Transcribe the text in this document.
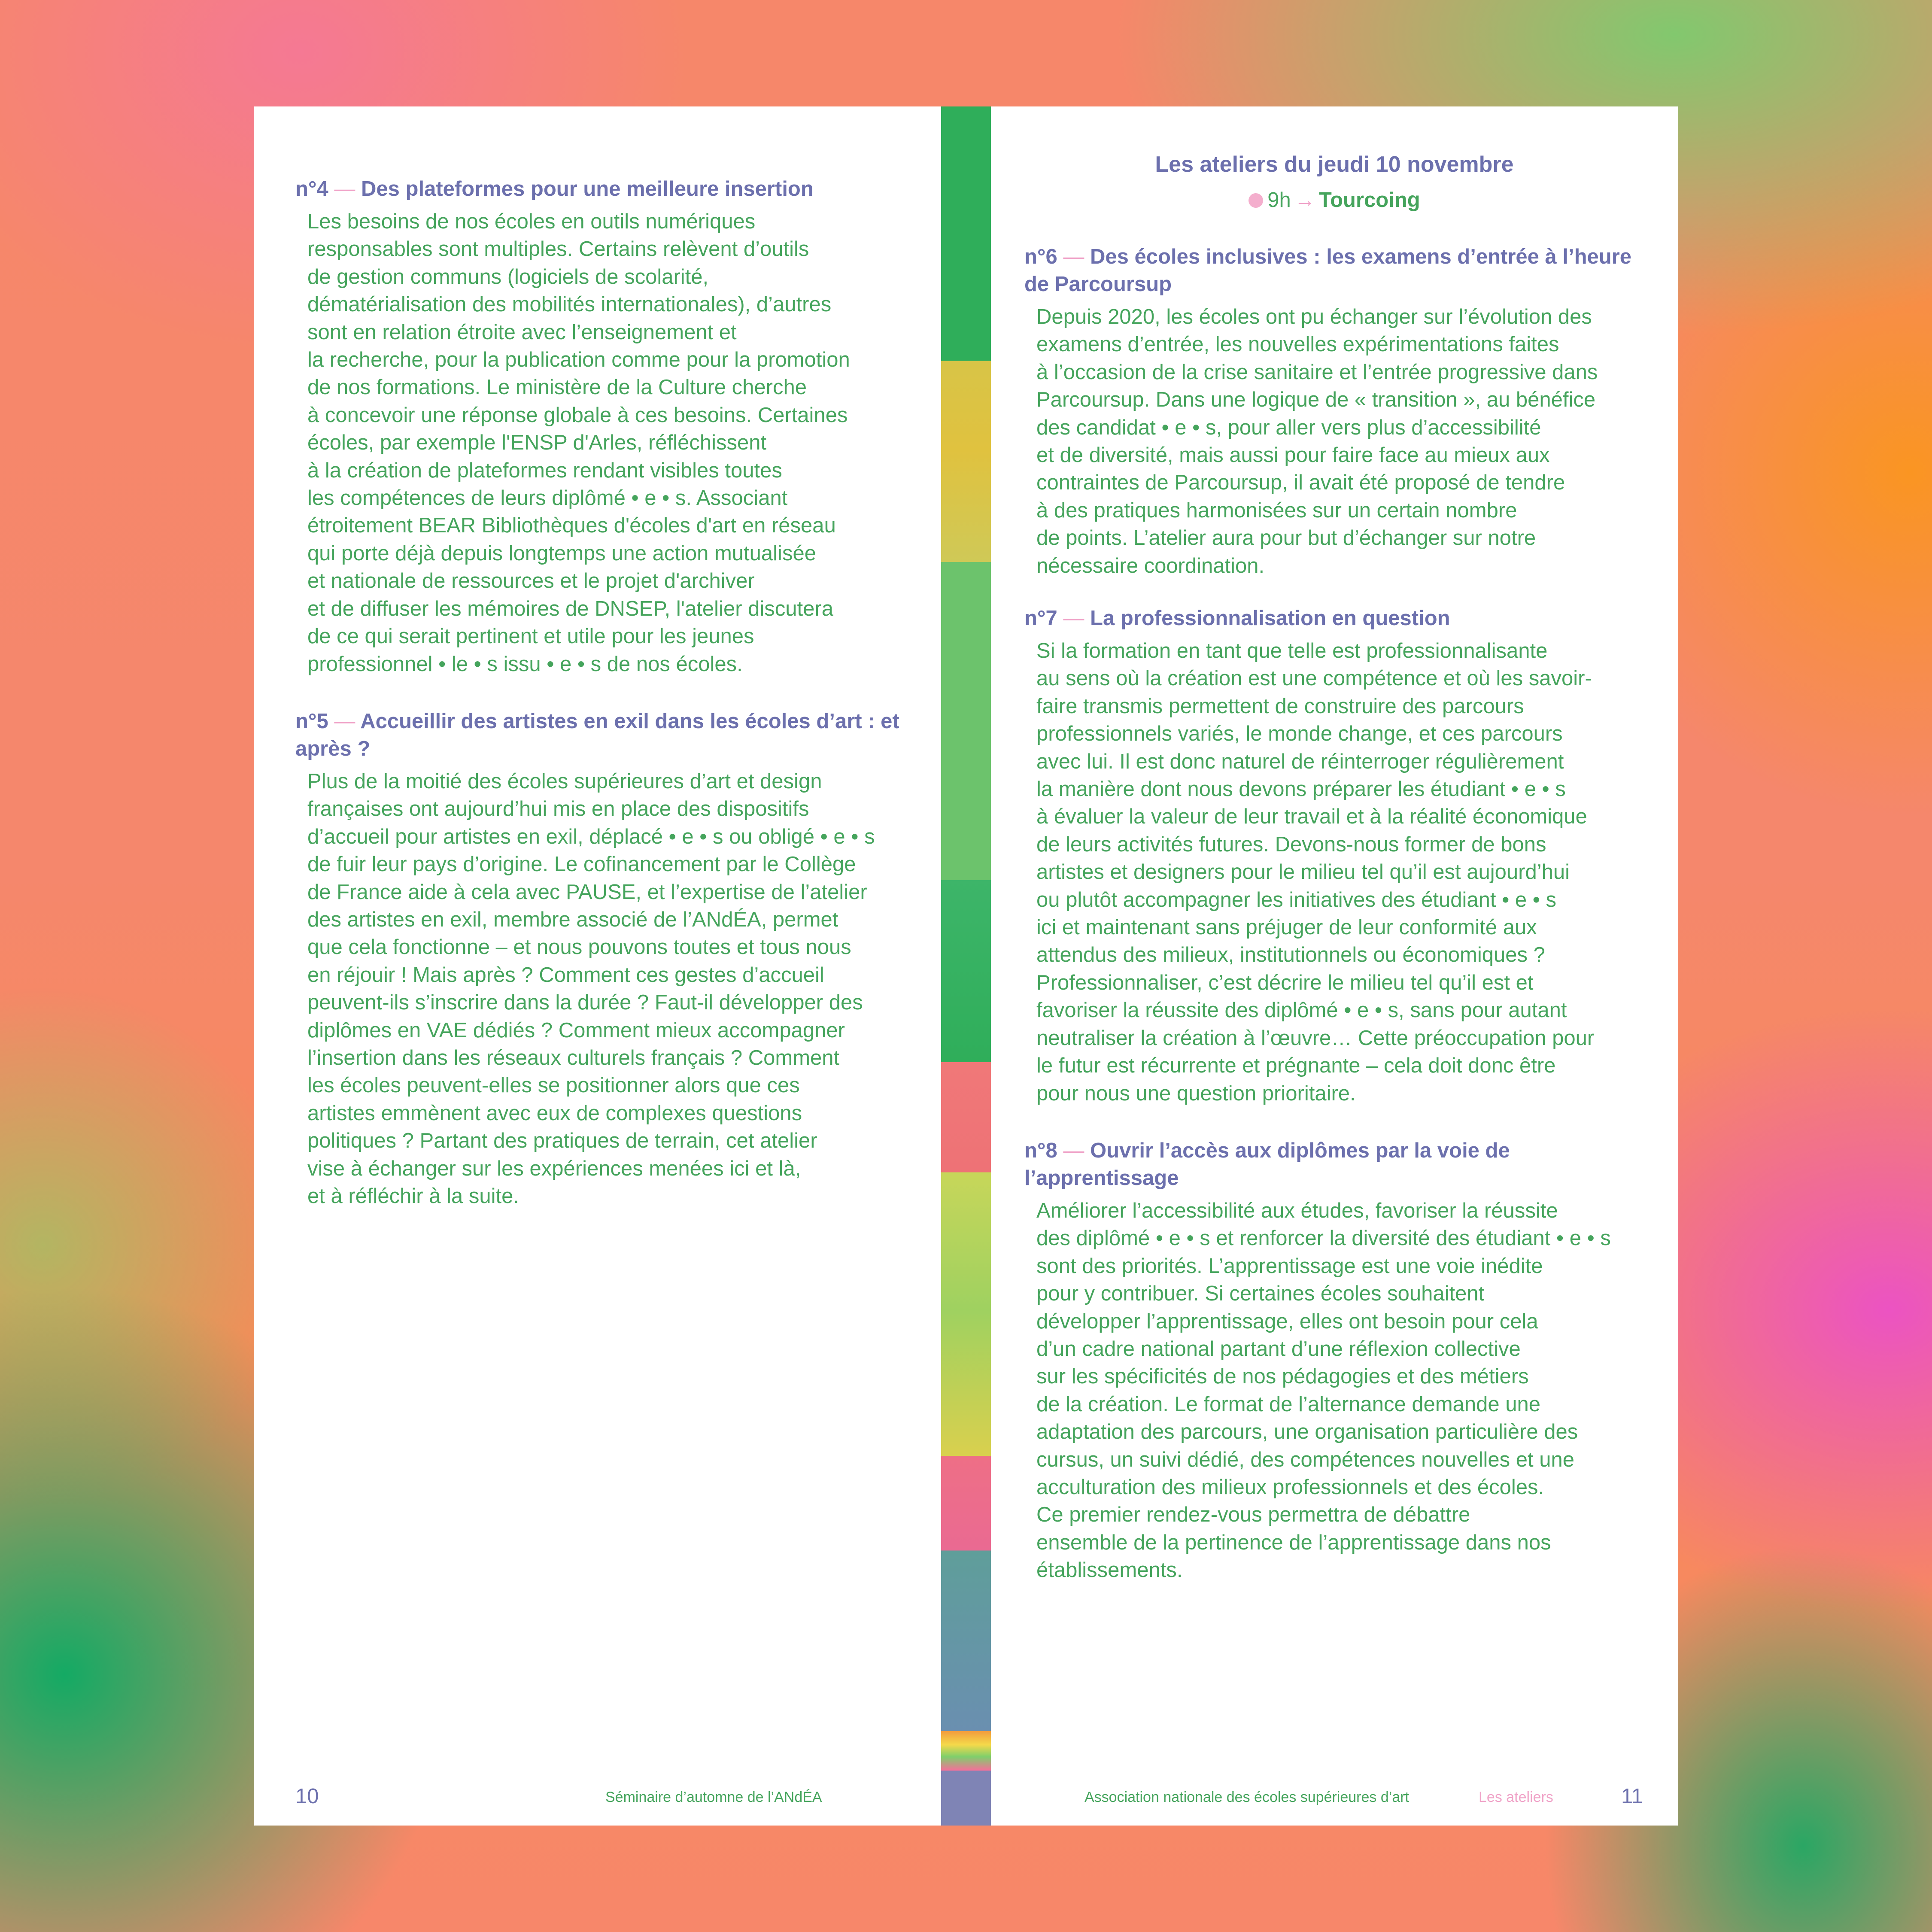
n°4 — Des plateformes pour une meilleure insertion

Les besoins de nos écoles en outils numériques
responsables sont multiples. Certains relèvent d’outils
de gestion communs (logiciels de scolarité,
dématérialisation des mobilités internationales), d’autres
sont en relation étroite avec l’enseignement et
la recherche, pour la publication comme pour la promotion
de nos formations. Le ministère de la Culture cherche
à concevoir une réponse globale à ces besoins. Certaines
écoles, par exemple l'ENSP d'Arles, réfléchissent
à la création de plateformes rendant visibles toutes
les compétences de leurs diplômé • e • s. Associant
étroitement BEAR Bibliothèques d'écoles d'art en réseau
qui porte déjà depuis longtemps une action mutualisée
et nationale de ressources et le projet d'archiver
et de diffuser les mémoires de DNSEP, l'atelier discutera
de ce qui serait pertinent et utile pour les jeunes
professionnel • le • s issu • e • s de nos écoles.

n°5 — Accueillir des artistes en exil dans les écoles d’art : et après ?

Plus de la moitié des écoles supérieures d’art et design
françaises ont aujourd’hui mis en place des dispositifs
d’accueil pour artistes en exil, déplacé • e • s ou obligé • e • s
de fuir leur pays d’origine. Le cofinancement par le Collège
de France aide à cela avec PAUSE, et l’expertise de l’atelier
des artistes en exil, membre associé de l’ANdÉA, permet
que cela fonctionne – et nous pouvons toutes et tous nous
en réjouir ! Mais après ? Comment ces gestes d’accueil
peuvent-ils s’inscrire dans la durée ? Faut-il développer des
diplômes en VAE dédiés ? Comment mieux accompagner
l’insertion dans les réseaux culturels français ? Comment
les écoles peuvent-elles se positionner alors que ces
artistes emmènent avec eux de complexes questions
politiques ? Partant des pratiques de terrain, cet atelier
vise à échanger sur les expériences menées ici et là,
et à réfléchir à la suite.

10	Séminaire d’automne de l’ANdÉA
Les ateliers du jeudi 10 novembre
9h → Tourcoing

n°6 — Des écoles inclusives : les examens d’entrée à l’heure de Parcoursup

Depuis 2020, les écoles ont pu échanger sur l’évolution des
examens d’entrée, les nouvelles expérimentations faites
à l’occasion de la crise sanitaire et l’entrée progressive dans
Parcoursup. Dans une logique de « transition », au bénéfice
des candidat • e • s, pour aller vers plus d’accessibilité
et de diversité, mais aussi pour faire face au mieux aux
contraintes de Parcoursup, il avait été proposé de tendre
à des pratiques harmonisées sur un certain nombre
de points. L’atelier aura pour but d’échanger sur notre
nécessaire coordination.

n°7 — La professionnalisation en question

Si la formation en tant que telle est professionnalisante
au sens où la création est une compétence et où les savoir-
faire transmis permettent de construire des parcours
professionnels variés, le monde change, et ces parcours
avec lui. Il est donc naturel de réinterroger régulièrement
la manière dont nous devons préparer les étudiant • e • s
à évaluer la valeur de leur travail et à la réalité économique
de leurs activités futures. Devons-nous former de bons
artistes et designers pour le milieu tel qu’il est aujourd’hui
ou plutôt accompagner les initiatives des étudiant • e • s
ici et maintenant sans préjuger de leur conformité aux
attendus des milieux, institutionnels ou économiques ?
Professionnaliser, c’est décrire le milieu tel qu’il est et
favoriser la réussite des diplômé • e • s, sans pour autant
neutraliser la création à l’œuvre… Cette préoccupation pour
le futur est récurrente et prégnante – cela doit donc être
pour nous une question prioritaire.

n°8 — Ouvrir l’accès aux diplômes par la voie de l’apprentissage

Améliorer l’accessibilité aux études, favoriser la réussite
des diplômé • e • s et renforcer la diversité des étudiant • e • s
sont des priorités. L’apprentissage est une voie inédite
pour y contribuer. Si certaines écoles souhaitent
développer l’apprentissage, elles ont besoin pour cela
d’un cadre national partant d’une réflexion collective
sur les spécificités de nos pédagogies et des métiers
de la création. Le format de l’alternance demande une
adaptation des parcours, une organisation particulière des
cursus, un suivi dédié, des compétences nouvelles et une
acculturation des milieux professionnels et des écoles.
Ce premier rendez-vous permettra de débattre
ensemble de la pertinence de l’apprentissage dans nos
établissements.

Association nationale des écoles supérieures d’art	Les ateliers	11
